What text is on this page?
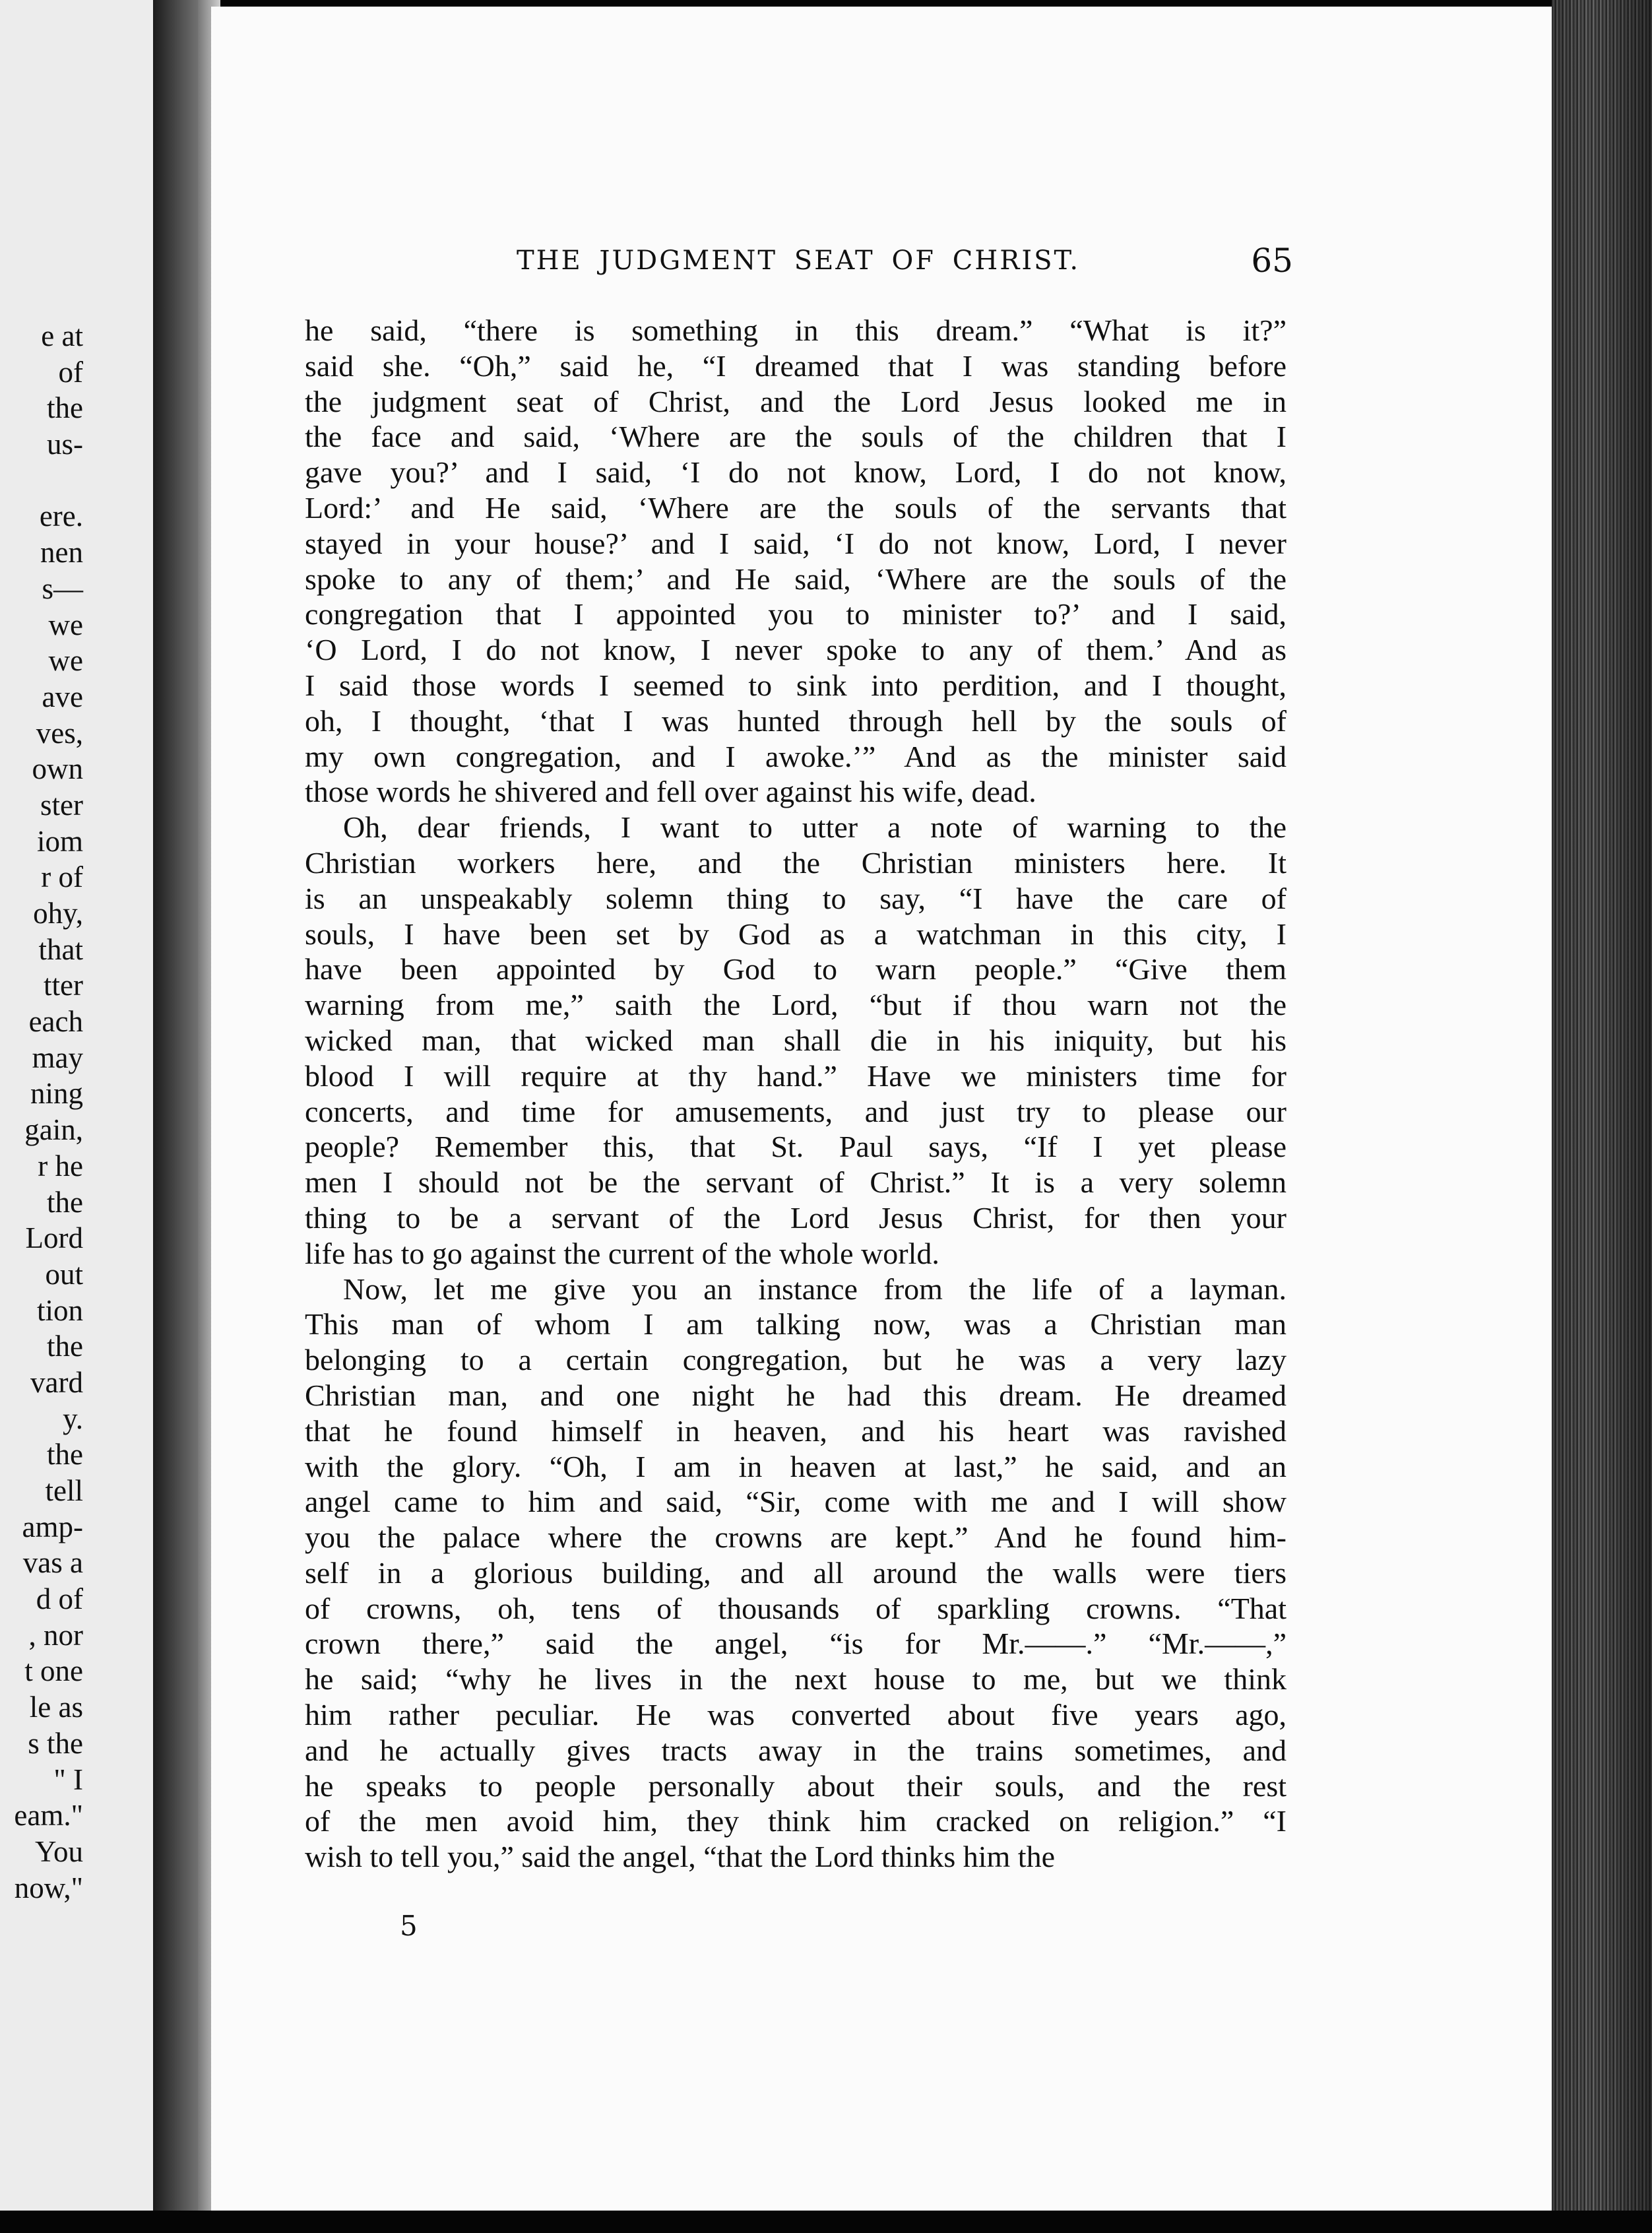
e at
of
the
us-
ere.
nen
s—
we
we
ave
ves,
own
ster
iom
r of
ohy,
that
tter
each
may
ning
gain,
r he
the
Lord
out
tion
the
vard
y.
the
tell
amp-
vas a
d of
, nor
t one
le as
s the
" I
eam."
You
now,"
THE JUDGMENT SEAT OF CHRIST.	65
he said, “there is something in this dream.” “What is it?”
said she. “Oh,” said he, “I dreamed that I was standing before
the judgment seat of Christ, and the Lord Jesus looked me in
the face and said, ‘Where are the souls of the children that I
gave you?’ and I said, ‘I do not know, Lord, I do not know,
Lord:’ and He said, ‘Where are the souls of the servants that
stayed in your house?’ and I said, ‘I do not know, Lord, I never
spoke to any of them;’ and He said, ‘Where are the souls of the
congregation that I appointed you to minister to?’ and I said,
‘O Lord, I do not know, I never spoke to any of them.’ And as
I said those words I seemed to sink into perdition, and I thought,
oh, I thought, ‘that I was hunted through hell by the souls of
my own congregation, and I awoke.’” And as the minister said
those words he shivered and fell over against his wife, dead.
Oh, dear friends, I want to utter a note of warning to the
Christian workers here, and the Christian ministers here. It
is an unspeakably solemn thing to say, “I have the care of
souls, I have been set by God as a watchman in this city, I
have been appointed by God to warn people.” “Give them
warning from me,” saith the Lord, “but if thou warn not the
wicked man, that wicked man shall die in his iniquity, but his
blood I will require at thy hand.” Have we ministers time for
concerts, and time for amusements, and just try to please our
people? Remember this, that St. Paul says, “If I yet please
men I should not be the servant of Christ.” It is a very solemn
thing to be a servant of the Lord Jesus Christ, for then your
life has to go against the current of the whole world.
Now, let me give you an instance from the life of a layman.
This man of whom I am talking now, was a Christian man
belonging to a certain congregation, but he was a very lazy
Christian man, and one night he had this dream. He dreamed
that he found himself in heaven, and his heart was ravished
with the glory. “Oh, I am in heaven at last,” he said, and an
angel came to him and said, “Sir, come with me and I will show
you the palace where the crowns are kept.” And he found him-
self in a glorious building, and all around the walls were tiers
of crowns, oh, tens of thousands of sparkling crowns. “That
crown there,” said the angel, “is for Mr.——.” “Mr.——,”
he said; “why he lives in the next house to me, but we think
him rather peculiar. He was converted about five years ago,
and he actually gives tracts away in the trains sometimes, and
he speaks to people personally about their souls, and the rest
of the men avoid him, they think him cracked on religion.” “I
wish to tell you,” said the angel, “that the Lord thinks him the
5
